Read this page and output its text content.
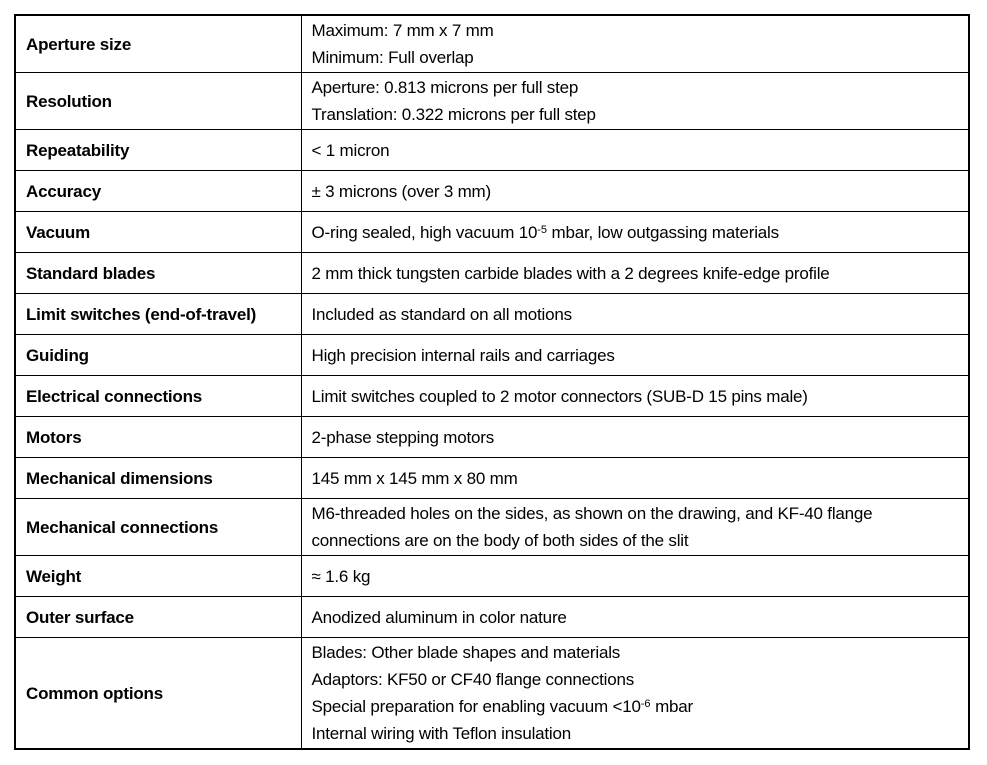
Aperture size	Maximum: 7 mm x 7 mm
Minimum: Full overlap

Resolution	Aperture: 0.813 microns per full step
Translation: 0.322 microns per full step

Repeatability	< 1 micron

Accuracy	± 3 microns (over 3 mm)

Vacuum	O-ring sealed, high vacuum $10^{-5}$ mbar, low outgassing materials

Standard blades	2 mm thick tungsten carbide blades with a 2 degrees knife-edge profile

Limit switches (end-of-travel)	Included as standard on all motions

Guiding	High precision internal rails and carriages

Electrical connections	Limit switches coupled to 2 motor connectors (SUB-D 15 pins male)

Motors	2-phase stepping motors

Mechanical dimensions	145 mm x 145 mm x 80 mm

Mechanical connections	M6-threaded holes on the sides, as shown on the drawing, and KF-40 flange connections are on the body of both sides of the slit

Weight	≈ 1.6 kg

Outer surface	Anodized aluminum in color nature

Common options	Blades: Other blade shapes and materials
Adaptors: KF50 or CF40 flange connections
Special preparation for enabling vacuum $<10^{-6}$ mbar
Internal wiring with Teflon insulation
